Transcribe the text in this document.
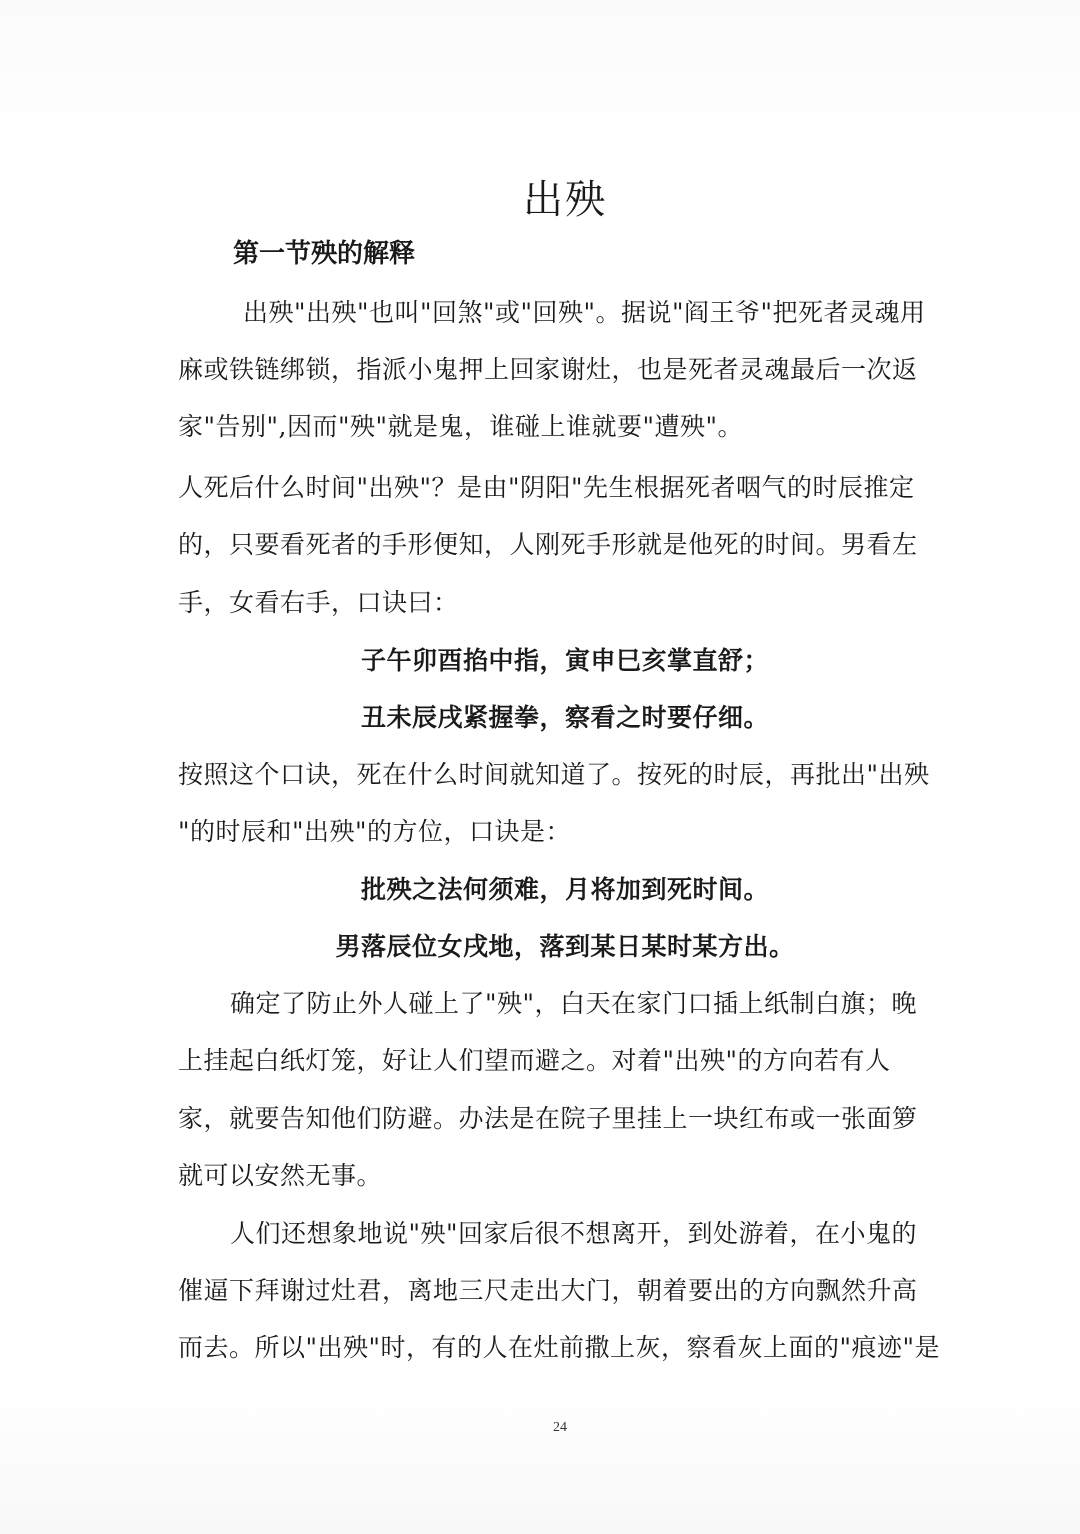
出殃
第一节殃的解释
出殃"出殃"也叫"回煞"或"回殃"。据说"阎王爷"把死者灵魂用
麻或铁链绑锁，指派小鬼押上回家谢灶，也是死者灵魂最后一次返
家"告别",因而"殃"就是鬼，谁碰上谁就要"遭殃"。
人死后什么时间"出殃"？是由"阴阳"先生根据死者咽气的时辰推定
的，只要看死者的手形便知，人刚死手形就是他死的时间。男看左
手，女看右手，口诀曰：
子午卯酉掐中指，寅申巳亥掌直舒；
丑未辰戌紧握拳，察看之时要仔细。
按照这个口诀，死在什么时间就知道了。按死的时辰，再批出"出殃
"的时辰和"出殃"的方位，口诀是：
批殃之法何须难，月将加到死时间。
男落辰位女戌地，落到某日某时某方出。
确定了防止外人碰上了"殃"，白天在家门口插上纸制白旗；晚
上挂起白纸灯笼，好让人们望而避之。对着"出殃"的方向若有人
家，就要告知他们防避。办法是在院子里挂上一块红布或一张面箩
就可以安然无事。
人们还想象地说"殃"回家后很不想离开，到处游着，在小鬼的
催逼下拜谢过灶君，离地三尺走出大门，朝着要出的方向飘然升高
而去。所以"出殃"时，有的人在灶前撒上灰，察看灰上面的"痕迹"是
24
